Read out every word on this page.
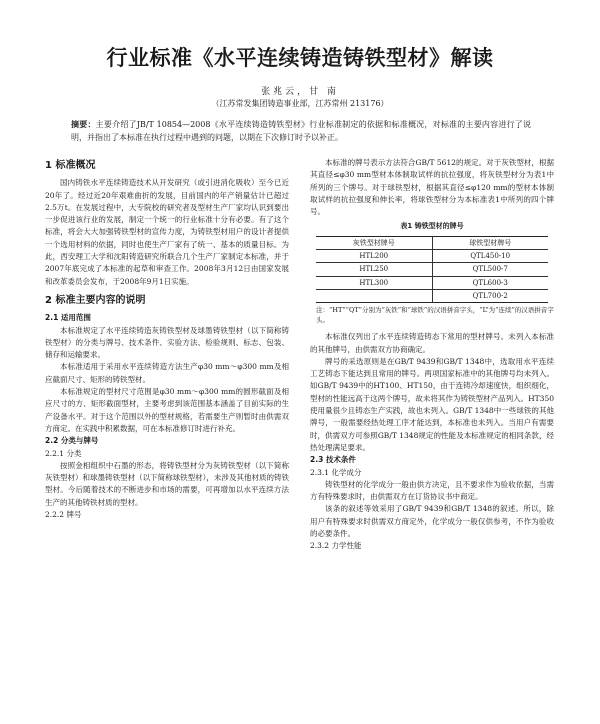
行业标准《水平连续铸造铸铁型材》解读
张兆云，甘 南
（江苏常发集团铸造事业部，江苏常州 213176）
摘要：主要介绍了JB/T 10854—2008《水平连续铸造铸铁型材》行业标准制定的依据和标准概况，对标准的主要内容进行了说明，并指出了本标准在执行过程中遇到的问题，以期在下次修订时予以补正。
1 标准概况

国内铸铁水平连续铸造技术从开发研究（或引进消化吸收）至今已近20年了。经过近20年艰难曲折的发展，目前国内的年产销量估计已超过2.5万t。在发展过程中，大专院校的研究者及型材生产厂家均认识到要出一步促进该行业的发展，制定一个统一的行业标准十分有必要。有了这个标准，将会大大加强铸铁型材的宣传力度，为铸铁型材用户的设计者提供一个选用材料的依据，同时也使生产厂家有了统一、基本的质量目标。为此，西安理工大学和沈阳铸造研究所联合几个生产厂家制定本标准，并于2007年底完成了本标准的起草和审查工作。2008年3月12日由国家发展和改革委员会发布，于2008年9月1日实施。

2 标准主要内容的说明
2.1 适用范围

本标准规定了水平连续铸造灰铸铁型材及球墨铸铁型材（以下简称铸铁型材）的分类与牌号、技术条件、实验方法、检验规则、标志、包装、储存和运输要求。

本标准适用于采用水平连续铸造方法生产φ30 mm～φ300 mm及相应截面尺寸、矩形的铸铁型材。

本标准规定的型材尺寸范围是φ30 mm～φ300 mm的圆形截面及相应尺寸的方、矩形截面型材，主要考虑到该范围基本涵盖了目前实际的生产设备水平。对于这个范围以外的型材规格，若需要生产则暂时由供需双方商定。在实践中积累数据，可在本标准修订时进行补充。

2.2 分类与牌号
2.2.1 分类

按照金相组织中石墨的形态，将铸铁型材分为灰铸铁型材（以下简称灰铁型材）和球墨铸铁型材（以下简称球铁型材），未涉及其他材质的铸铁型材。今后随着技术的不断进步和市场的需要，可再增加以水平连续方法生产的其他铸铁材质的型材。

2.2.2 牌号

本标准的牌号表示方法符合GB/T 5612的规定。对于灰铁型材，根据其直径≤φ30 mm型材本体制取试样的抗拉强度，将灰铁型材分为表1中所列的三个牌号。对于球铁型材，根据其直径≤φ120 mm的型材本体制取试样的抗拉强度和伸长率，将球铁型材分为本标准表1中所列的四个牌号。

表1 铸铁型材的牌号
灰铁型材牌号	球铁型材牌号
HTL200	QTL450-10
HTL250	QTL500-7
HTL300	QTL600-3
	QTL700-2
注：“HT”“QT”分别为“灰铁”和“球铁”的汉语拼音字头，“L”为“连续”的汉语拼音字头。

本标准仅列出了水平连续铸造铸态下常用的型材牌号。未列入本标准的其他牌号，由供需双方协商确定。

牌号的采选原则是在GB/T 9439和GB/T 1348中，选取用水平连续工艺铸态下能达到且常用的牌号。两项国家标准中的其他牌号均未列入。如GB/T 9439中的HT100、HT150，由于连铸冷却速度快，组织细化，型材的性能远高于这两个牌号，故未将其作为铸铁型材产品列入。HT350使用量很少且铸态生产实践，故也未列入。GB/T 1348中一些球铁的其他牌号，一般需要经热处理工序才能达到，本标准也未列入。当用户有需要时，供需双方可参照GB/T 1348规定的性能及本标准规定的相同条款，经热处理满足要求。

2.3 技术条件
2.3.1 化学成分

铸铁型材的化学成分一般由供方决定，且不要求作为验收依据，当需方有特殊要求时，由供需双方在订货协议书中商定。

该条的叙述等效采用了GB/T 9439和GB/T 1348的叙述。所以，除用户有特殊要求时供需双方商定外，化学成分一般仅供参考，不作为验收的必要条件。

2.3.2 力学性能
